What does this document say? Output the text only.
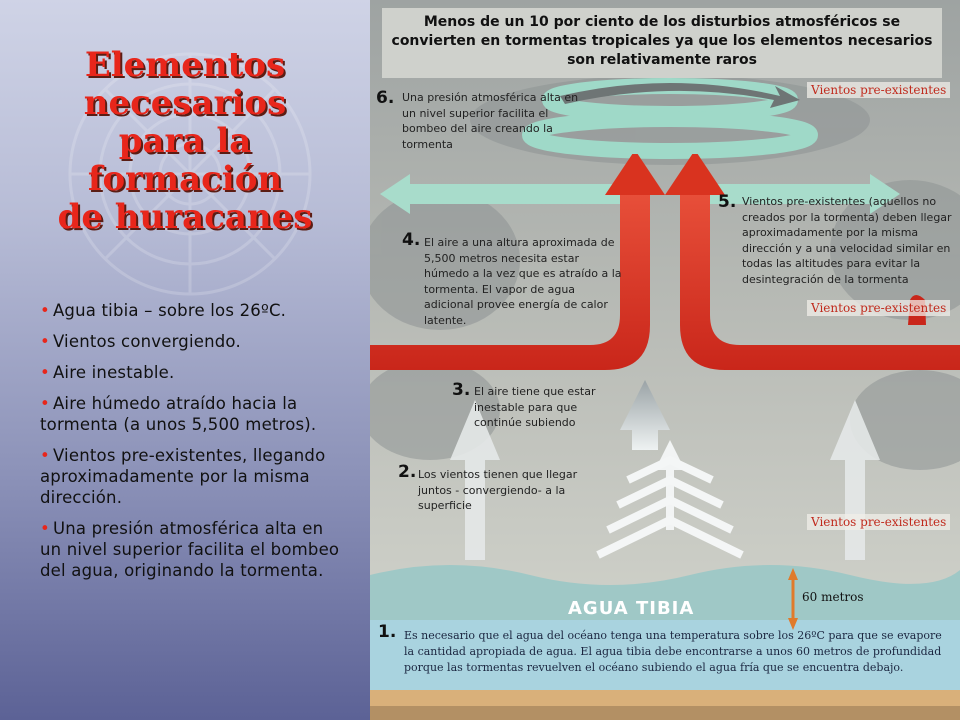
Elementos
necesarios
para la formación
de huracanes
• Agua tibia – sobre los 26ºC.
• Vientos convergiendo.
• Aire inestable.
• Aire húmedo atraído hacia la tormenta (a unos 5,500 metros).
• Vientos pre-existentes, llegando aproximadamente por la misma dirección.
• Una presión atmosférica alta en un nivel superior facilita el bombeo del agua, originando la tormenta.
Menos de un 10 por ciento de los disturbios atmosféricos se convierten en tormentas tropicales ya que los elementos necesarios son relativamente raros
6. Una presión atmosférica alta en un nivel superior facilita el bombeo del aire creando la tormenta
Vientos pre-existentes
5. Vientos pre-existentes (aquellos no creados por la tormenta) deben llegar aproximadamente por la misma dirección y a una velocidad similar en todas las altitudes para evitar la desintegración de la tormenta
Vientos pre-existentes
4. El aire a una altura aproximada de 5,500 metros necesita estar húmedo a la vez que es atraído a la tormenta. El vapor de agua adicional provee energía de calor latente.
3. El aire tiene que estar inestable para que continúe subiendo
2. Los vientos tienen que llegar juntos - convergiendo- a la superficie
Vientos pre-existentes
AGUA TIBIA
60 metros
1. Es necesario que el agua del océano tenga una temperatura sobre los 26ºC para que se evapore la cantidad apropiada de agua. El agua tibia debe encontrarse a unos 60 metros de profundidad porque las tormentas revuelven el océano subiendo el agua fría que se encuentra debajo.
